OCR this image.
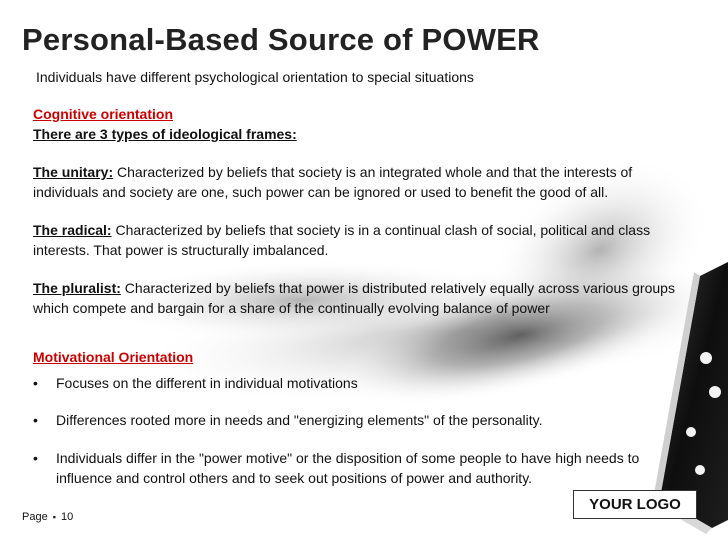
Personal-Based Source of POWER
Individuals have different psychological orientation to special situations
Cognitive orientation
There are 3 types of ideological frames:
The unitary: Characterized by beliefs that society is an integrated whole and that the interests of individuals and society are one, such power can be ignored or used to benefit the good of all.
The radical: Characterized by beliefs that society is in a continual clash of social, political and class interests. That power is structurally imbalanced.
The pluralist: Characterized by beliefs that power is distributed relatively equally across various groups which compete and bargain for a share of the continually evolving balance of power
Motivational Orientation
•	Focuses on the different in individual motivations
•	Differences rooted more in needs and "energizing elements" of the personality.
•	Individuals differ in the "power motive" or the disposition of some people to have high needs to influence and control others and to seek out positions of power and authority.
YOUR LOGO
Page ▪ 10
